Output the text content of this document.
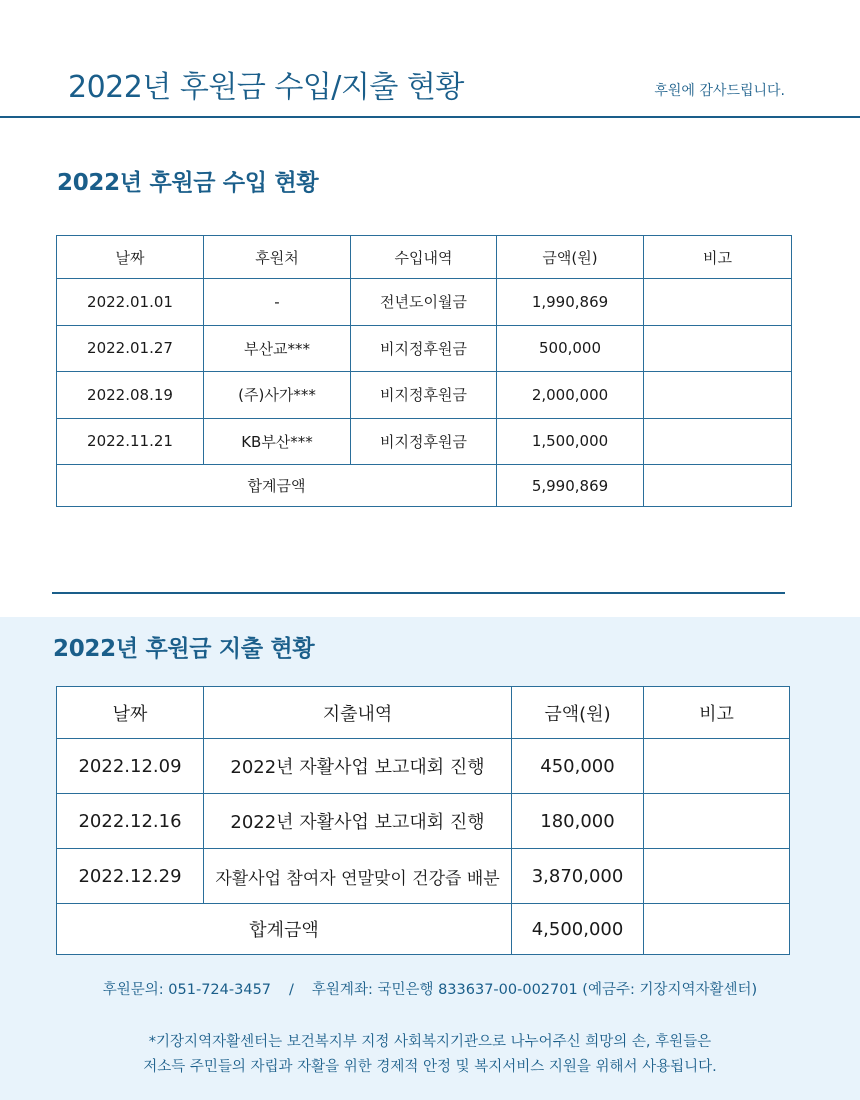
2022년 후원금 수입/지출 현황	후원에 감사드립니다.
2022년 후원금 수입 현황
날짜	후원처	수입내역	금액(원)	비고
2022.01.01	-	전년도이월금	1,990,869	
2022.01.27	부산교***	비지정후원금	500,000	
2022.08.19	(주)사가***	비지정후원금	2,000,000	
2022.11.21	KB부산***	비지정후원금	1,500,000	
합계금액			5,990,869	
2022년 후원금 지출 현황
날짜	지출내역	금액(원)	비고
2022.12.09	2022년 자활사업 보고대회 진행	450,000	
2022.12.16	2022년 자활사업 보고대회 진행	180,000	
2022.12.29	자활사업 참여자 연말맞이 건강즙 배분	3,870,000	
합계금액		4,500,000	
후원문의: 051-724-3457 / 후원계좌: 국민은행 833637-00-002701 (예금주: 기장지역자활센터)
*기장지역자활센터는 보건복지부 지정 사회복지기관으로 나누어주신 희망의 손, 후원들은
저소득 주민들의 자립과 자활을 위한 경제적 안정 및 복지서비스 지원을 위해서 사용됩니다.
